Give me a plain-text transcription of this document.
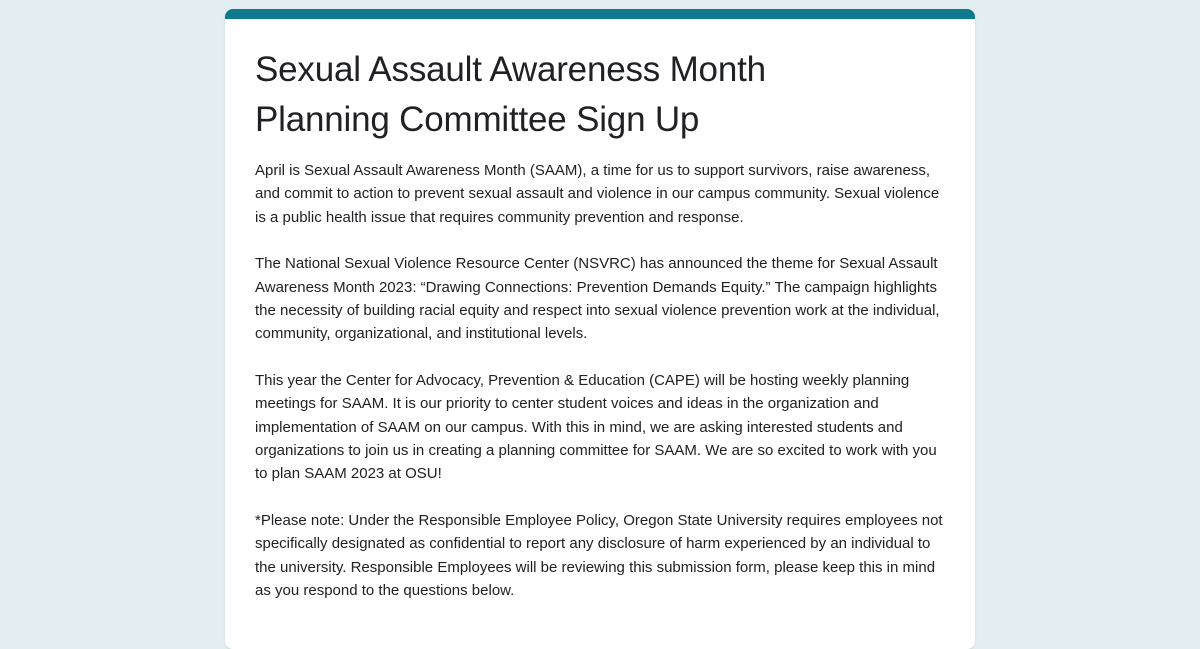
Sexual Assault Awareness Month
Planning Committee Sign Up

April is Sexual Assault Awareness Month (SAAM), a time for us to support survivors, raise awareness, and commit to action to prevent sexual assault and violence in our campus community. Sexual violence is a public health issue that requires community prevention and response.

The National Sexual Violence Resource Center (NSVRC) has announced the theme for Sexual Assault Awareness Month 2023: “Drawing Connections: Prevention Demands Equity.” The campaign highlights the necessity of building racial equity and respect into sexual violence prevention work at the individual, community, organizational, and institutional levels.

This year the Center for Advocacy, Prevention & Education (CAPE) will be hosting weekly planning meetings for SAAM. It is our priority to center student voices and ideas in the organization and implementation of SAAM on our campus. With this in mind, we are asking interested students and organizations to join us in creating a planning committee for SAAM. We are so excited to work with you to plan SAAM 2023 at OSU!

*Please note: Under the Responsible Employee Policy, Oregon State University requires employees not specifically designated as confidential to report any disclosure of harm experienced by an individual to the university. Responsible Employees will be reviewing this submission form, please keep this in mind as you respond to the questions below.
